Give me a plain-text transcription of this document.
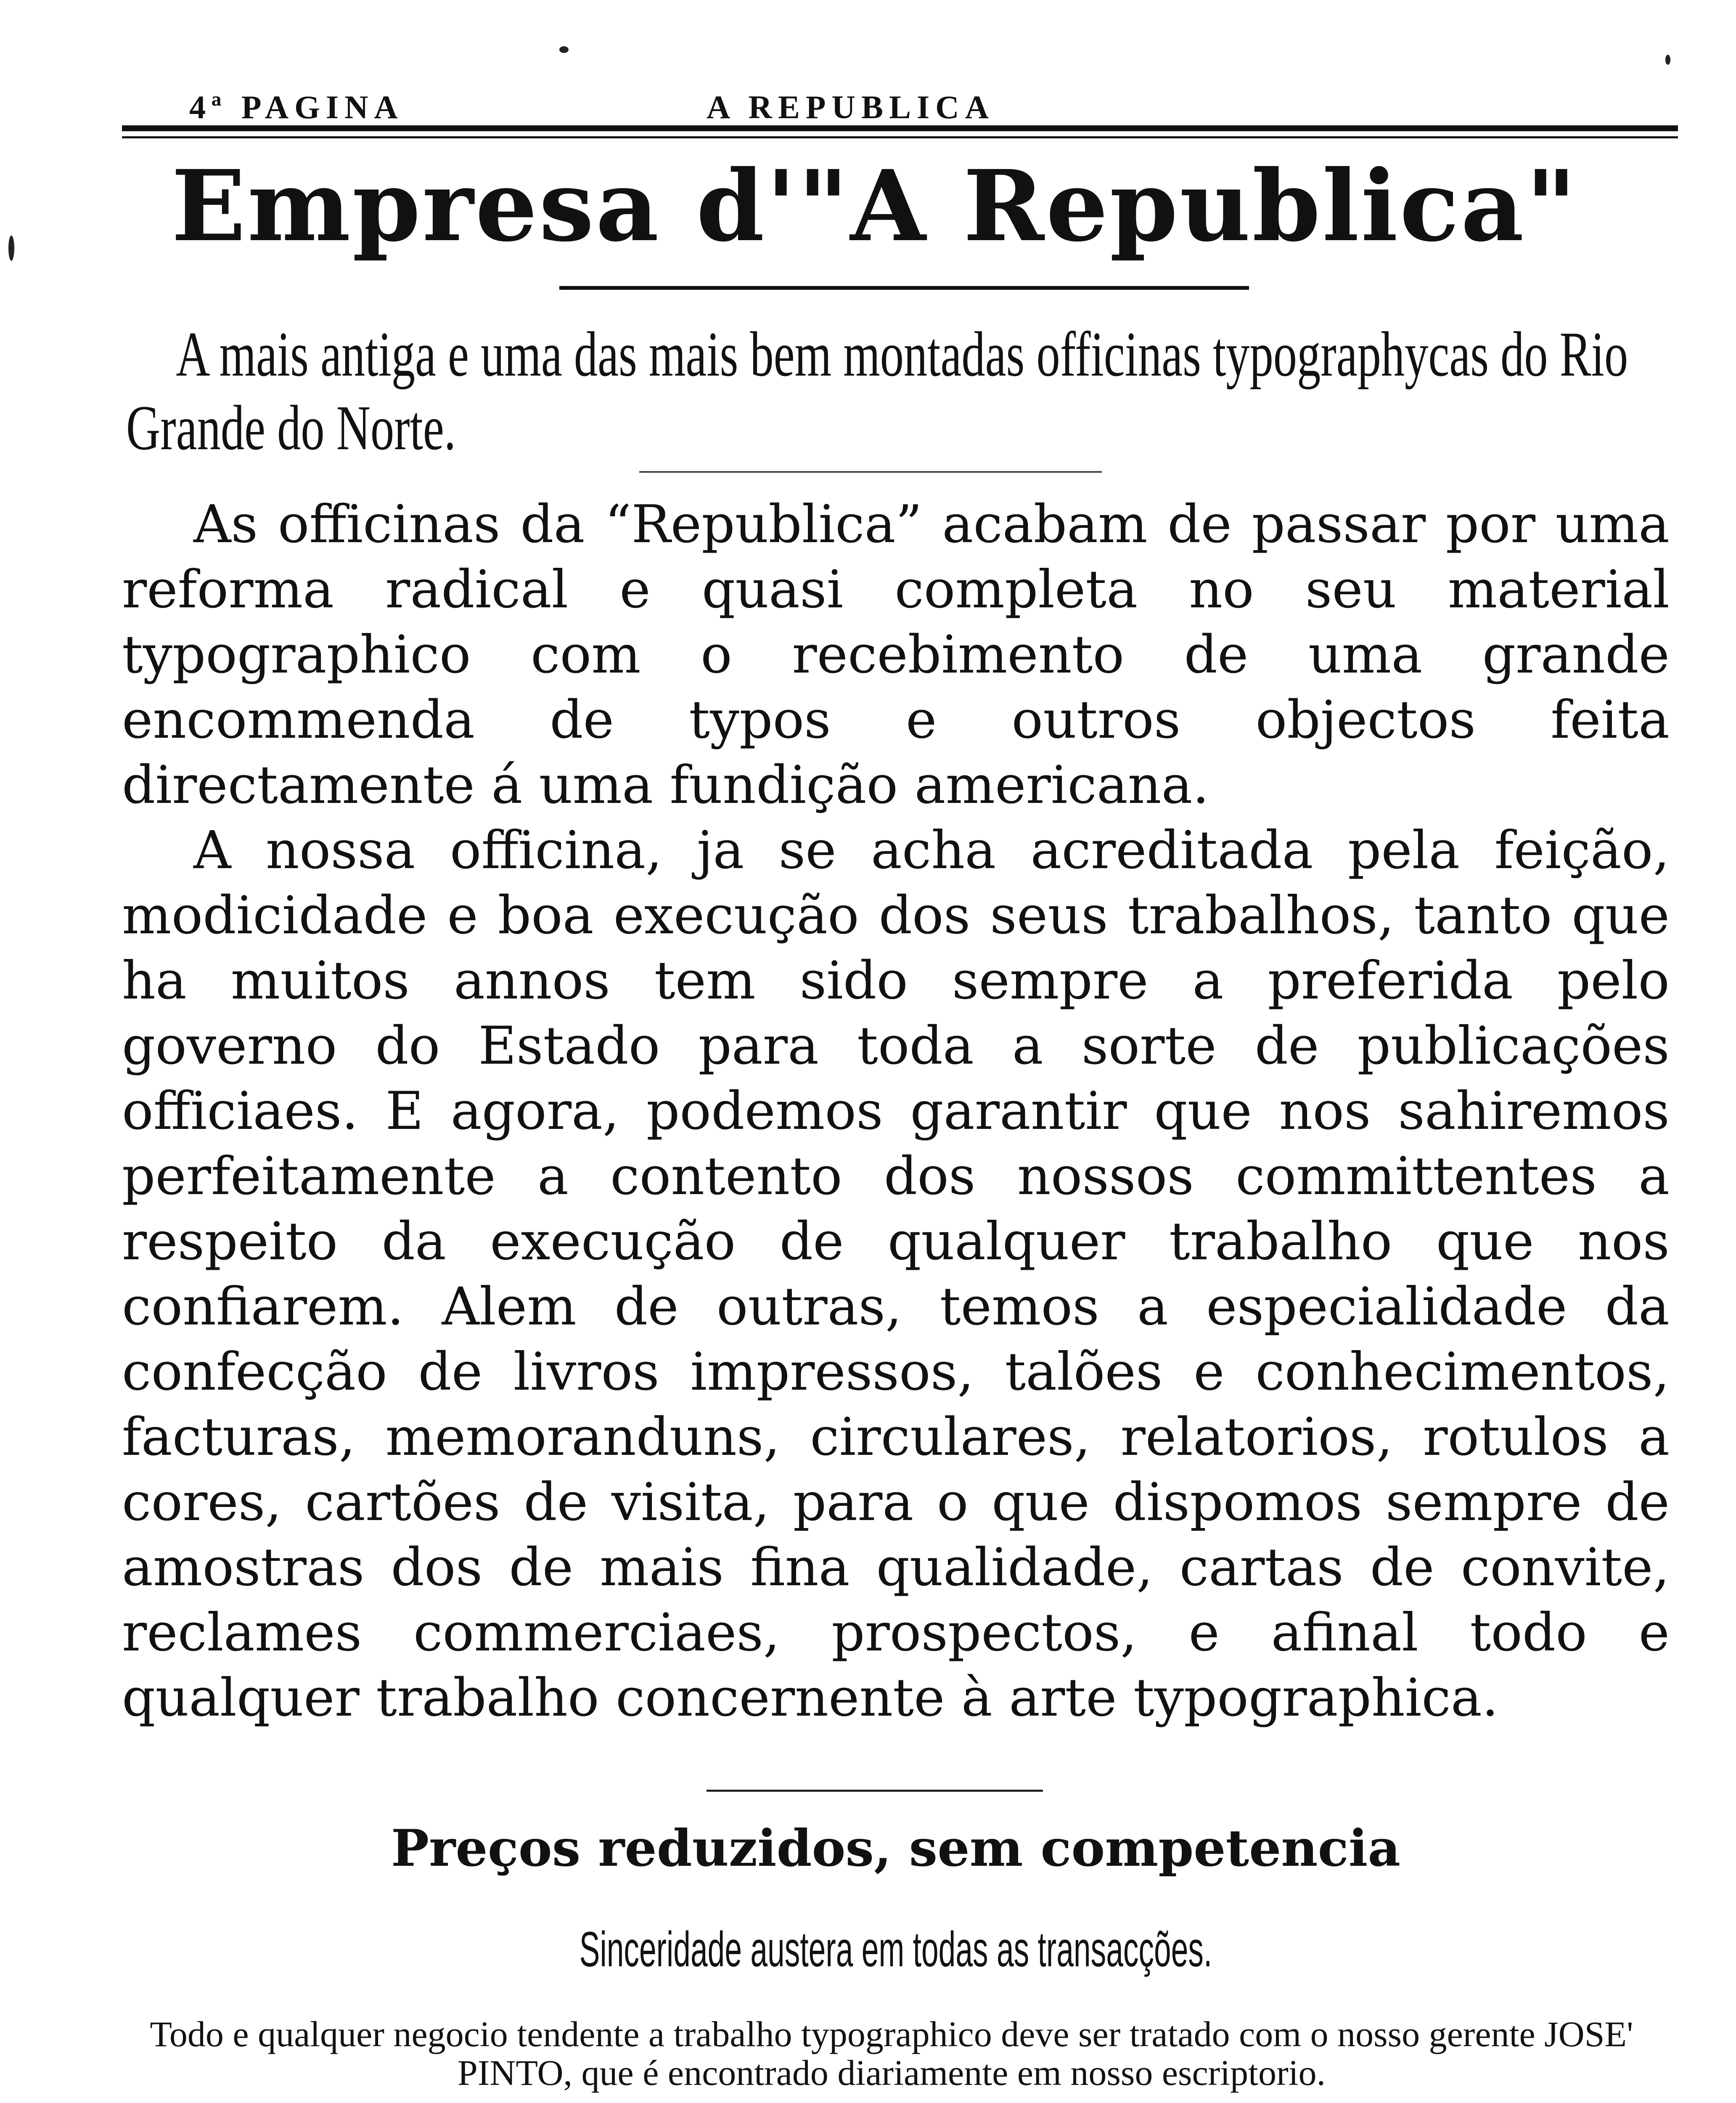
4ª PAGINA	A REPUBLICA
Empresa d'"A Republica"
A mais antiga e uma das mais bem montadas officinas typographycas do Rio Grande do Norte.

As officinas da “Republica” acabam de passar por uma reforma radical e quasi completa no seu material typographico com o recebimento de uma grande encommenda de typos e outros objectos feita directamente á uma fundição americana.

A nossa officina, ja se acha acreditada pela feição, modicidade e boa execução dos seus trabalhos, tanto que ha muitos annos tem sido sempre a preferida pelo governo do Estado para toda a sorte de publicações officiaes. E agora, podemos garantir que nos sahiremos perfeitamente a contento dos nossos committentes a respeito da execução de qualquer trabalho que nos confiarem. Alem de outras, temos a especialidade da confecção de livros impressos, talões e conhecimentos, facturas, memoranduns, circulares, relatorios, rotulos a cores, cartões de visita, para o que dispomos sempre de amostras dos de mais fina qualidade, cartas de convite, reclames commerciaes, prospectos, e afinal todo e qualquer trabalho concernente à arte typographica.

Preços reduzidos, sem competencia
Sinceridade austera em todas as transacções.
Todo e qualquer negocio tendente a trabalho typographico deve ser tratado com o nosso gerente JOSE' PINTO, que é encontrado diariamente em nosso escriptorio.
